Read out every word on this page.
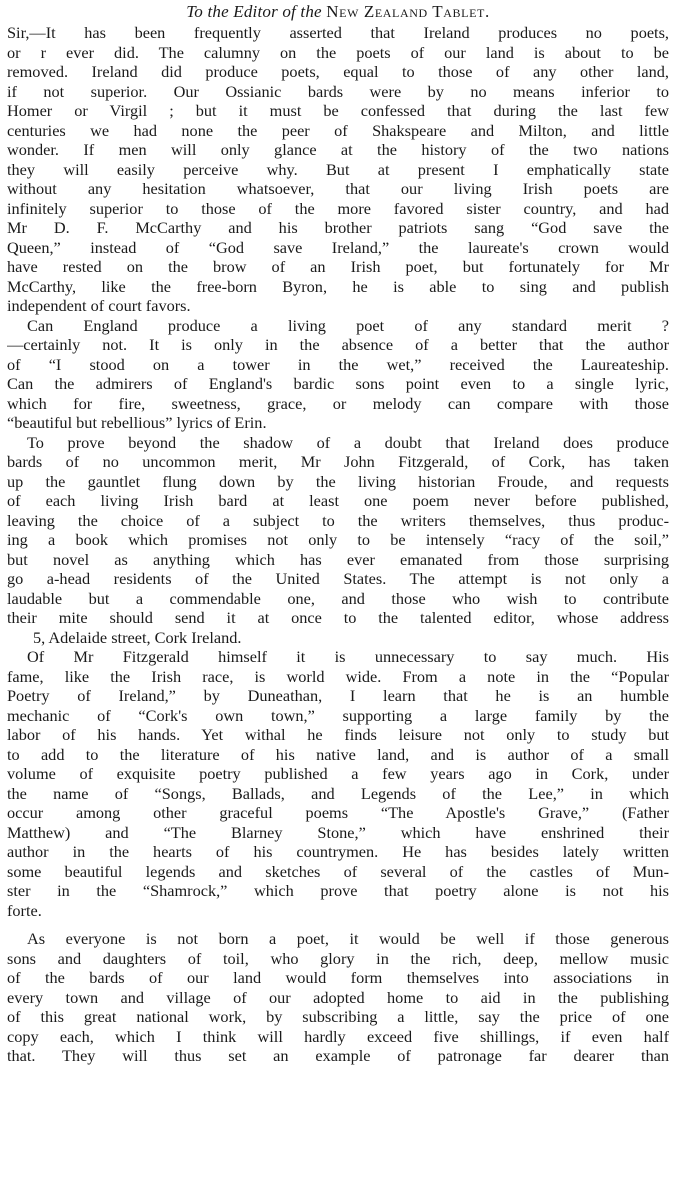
To the Editor of the New Zealand Tablet.
Sir,—It has been frequently asserted that Ireland produces no poets,
or r ever did. The calumny on the poets of our land is about to be
removed. Ireland did produce poets, equal to those of any other land,
if not superior. Our Ossianic bards were by no means inferior to
Homer or Virgil ; but it must be confessed that during the last few
centuries we had none the peer of Shakspeare and Milton, and little
wonder. If men will only glance at the history of the two nations
they will easily perceive why. But at present I emphatically state
without any hesitation whatsoever, that our living Irish poets are
infinitely superior to those of the more favored sister country, and had
Mr D. F. McCarthy and his brother patriots sang “God save the
Queen,” instead of “God save Ireland,” the laureate's crown would
have rested on the brow of an Irish poet, but fortunately for Mr
McCarthy, like the free-born Byron, he is able to sing and publish
independent of court favors.
Can England produce a living poet of any standard merit ?
—certainly not. It is only in the absence of a better that the author
of “I stood on a tower in the wet,” received the Laureateship.
Can the admirers of England's bardic sons point even to a single lyric,
which for fire, sweetness, grace, or melody can compare with those
“beautiful but rebellious” lyrics of Erin.
To prove beyond the shadow of a doubt that Ireland does produce
bards of no uncommon merit, Mr John Fitzgerald, of Cork, has taken
up the gauntlet flung down by the living historian Froude, and requests
of each living Irish bard at least one poem never before published,
leaving the choice of a subject to the writers themselves, thus produc-
ing a book which promises not only to be intensely “racy of the soil,”
but novel as anything which has ever emanated from those surprising
go a-head residents of the United States. The attempt is not only a
laudable but a commendable one, and those who wish to contribute
their mite should send it at once to the talented editor, whose address
5, Adelaide street, Cork Ireland.
Of Mr Fitzgerald himself it is unnecessary to say much. His
fame, like the Irish race, is world wide. From a note in the “Popular
Poetry of Ireland,” by Duneathan, I learn that he is an humble
mechanic of “Cork's own town,” supporting a large family by the
labor of his hands. Yet withal he finds leisure not only to study but
to add to the literature of his native land, and is author of a small
volume of exquisite poetry published a few years ago in Cork, under
the name of “Songs, Ballads, and Legends of the Lee,” in which
occur among other graceful poems “The Apostle's Grave,” (Father
Matthew) and “The Blarney Stone,” which have enshrined their
author in the hearts of his countrymen. He has besides lately written
some beautiful legends and sketches of several of the castles of Mun-
ster in the “Shamrock,” which prove that poetry alone is not his
forte.
As everyone is not born a poet, it would be well if those generous
sons and daughters of toil, who glory in the rich, deep, mellow music
of the bards of our land would form themselves into associations in
every town and village of our adopted home to aid in the publishing
of this great national work, by subscribing a little, say the price of one
copy each, which I think will hardly exceed five shillings, if even half
that. They will thus set an example of patronage far dearer than
